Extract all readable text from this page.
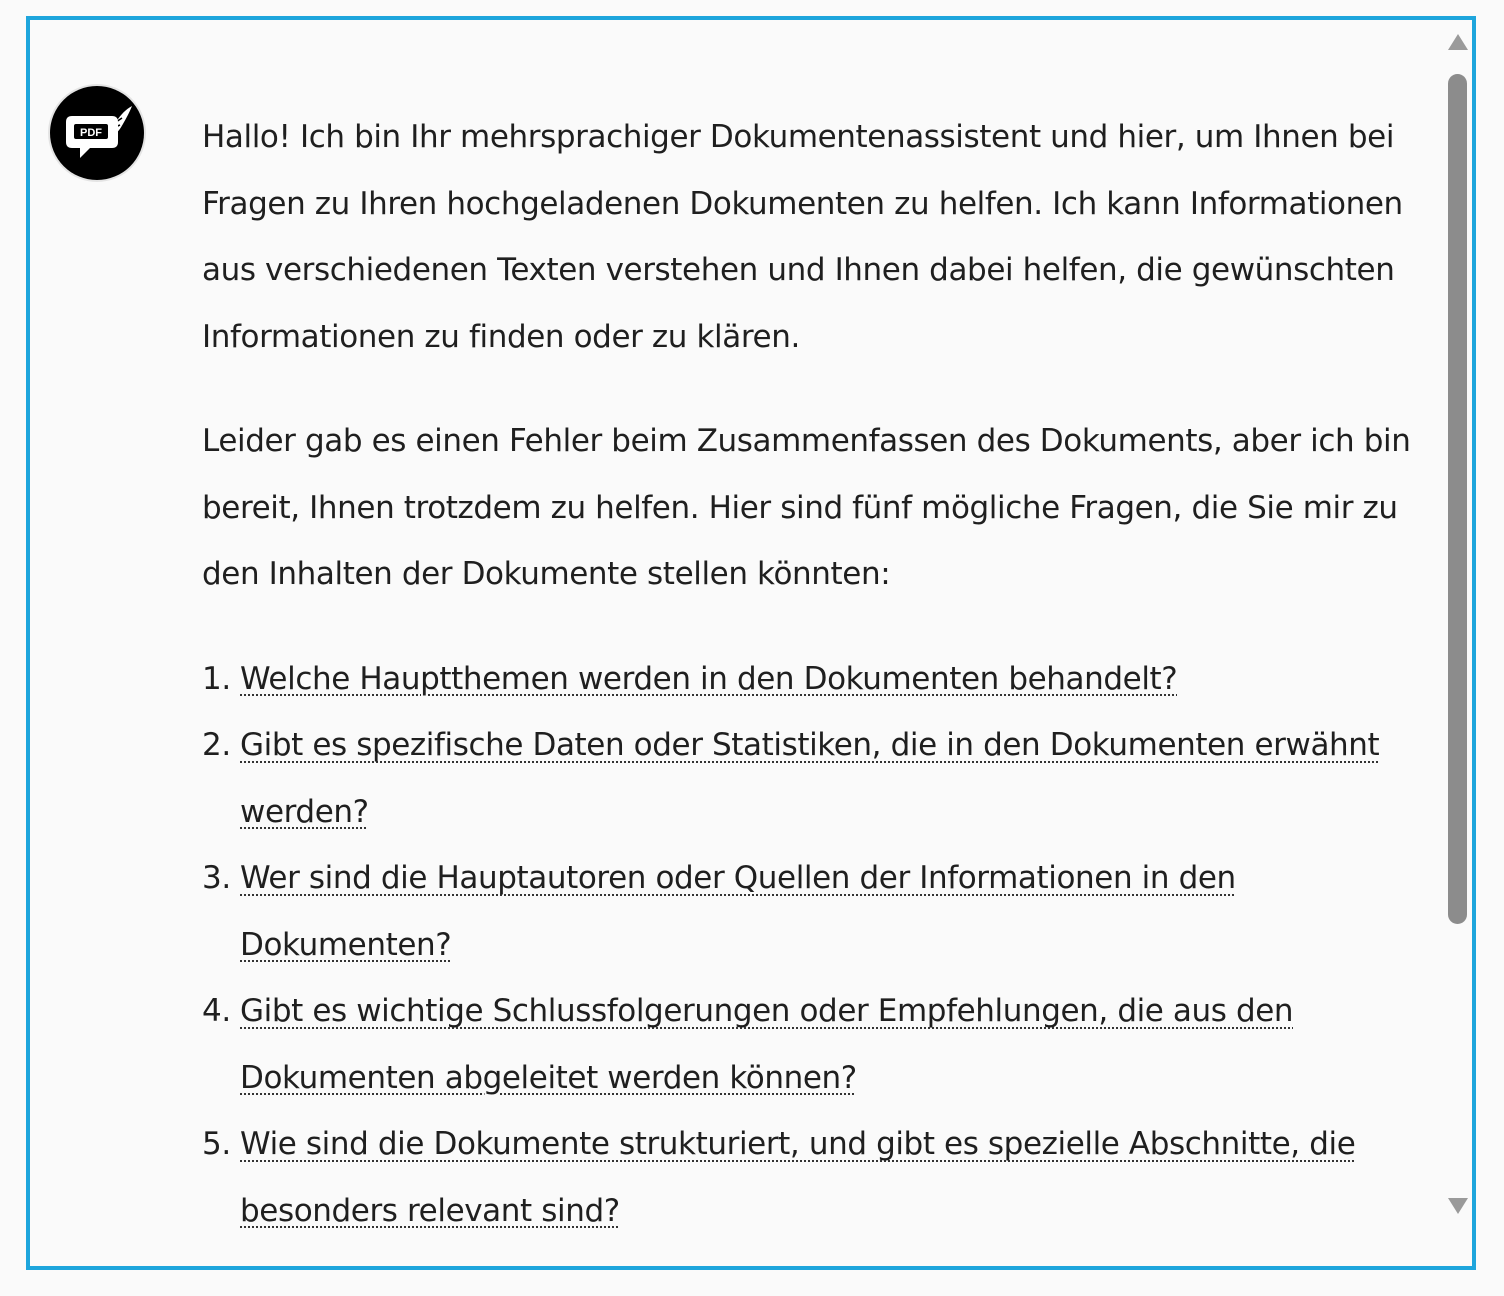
PDF	Hallo! Ich bin Ihr mehrsprachiger Dokumentenassistent und hier, um Ihnen bei Fragen zu Ihren hochgeladenen Dokumenten zu helfen. Ich kann Informationen aus verschiedenen Texten verstehen und Ihnen dabei helfen, die gewünschten Informationen zu finden oder zu klären.

Leider gab es einen Fehler beim Zusammenfassen des Dokuments, aber ich bin bereit, Ihnen trotzdem zu helfen. Hier sind fünf mögliche Fragen, die Sie mir zu den Inhalten der Dokumente stellen könnten:

Welche Hauptthemen werden in den Dokumenten behandelt?
Gibt es spezifische Daten oder Statistiken, die in den Dokumenten erwähnt werden?
Wer sind die Hauptautoren oder Quellen der Informationen in den Dokumenten?
Gibt es wichtige Schlussfolgerungen oder Empfehlungen, die aus den Dokumenten abgeleitet werden können?
Wie sind die Dokumente strukturiert, und gibt es spezielle Abschnitte, die besonders relevant sind?
